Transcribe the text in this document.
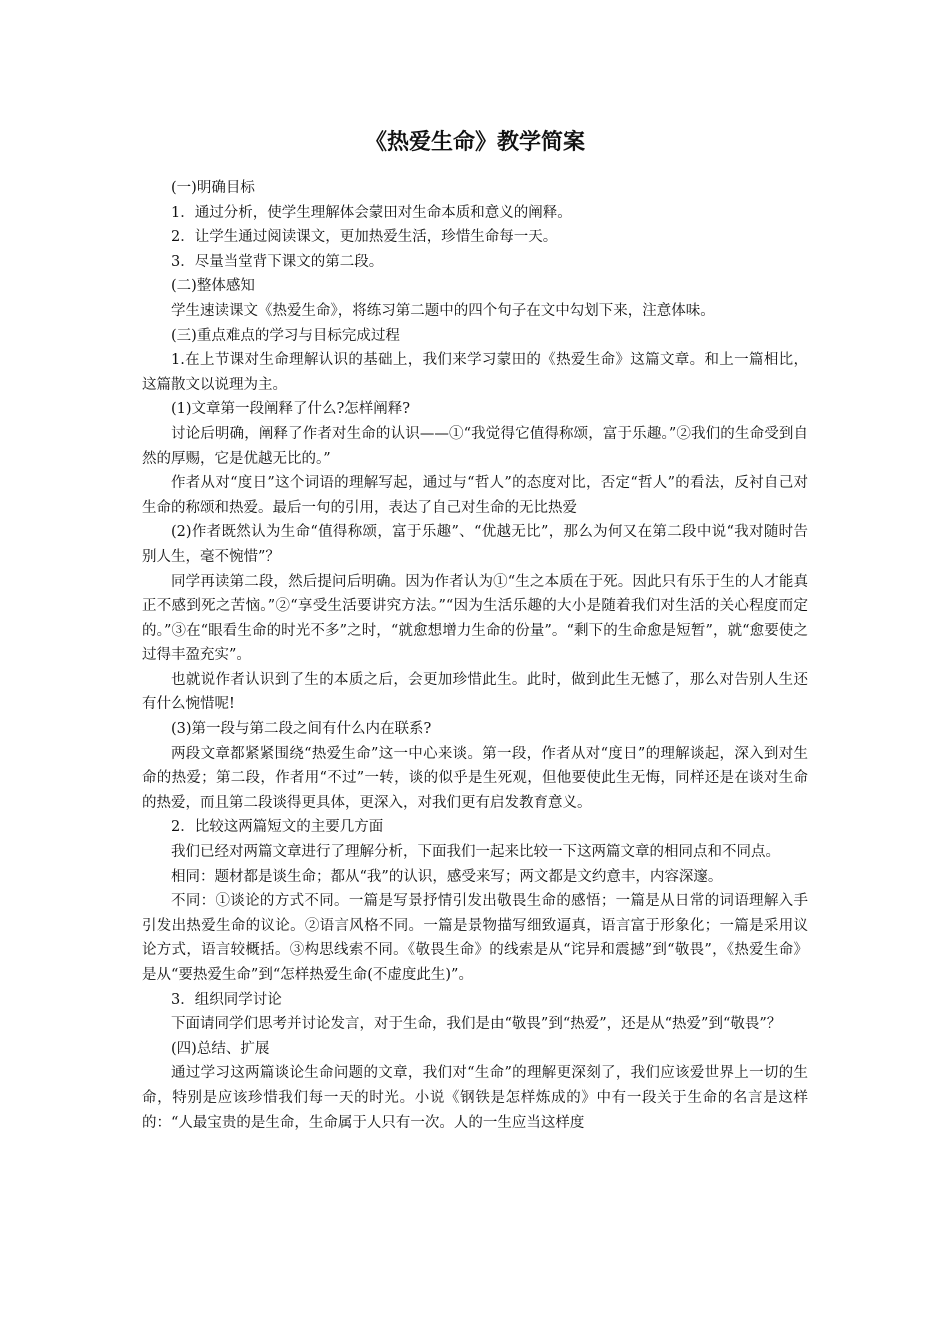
《热爱生命》教学简案

(一)明确目标

1．通过分析，使学生理解体会蒙田对生命本质和意义的阐释。

2．让学生通过阅读课文，更加热爱生活，珍惜生命每一天。

3．尽量当堂背下课文的第二段。

(二)整体感知

学生速读课文《热爱生命》，将练习第二题中的四个句子在文中勾划下来，注意体味。

(三)重点难点的学习与目标完成过程

1.在上节课对生命理解认识的基础上，我们来学习蒙田的《热爱生命》这篇文章。和上一篇相比，这篇散文以说理为主。

(1)文章第一段阐释了什么?怎样阐释?

讨论后明确，阐释了作者对生命的认识——①“我觉得它值得称颂，富于乐趣。”②我们的生命受到自然的厚赐，它是优越无比的。”

作者从对“度日”这个词语的理解写起，通过与“哲人”的态度对比，否定“哲人”的看法，反衬自己对生命的称颂和热爱。最后一句的引用，表达了自己对生命的无比热爱

(2)作者既然认为生命“值得称颂，富于乐趣”、“优越无比”，那么为何又在第二段中说“我对随时告别人生，毫不惋惜”？

同学再读第二段，然后提问后明确。因为作者认为①“生之本质在于死。因此只有乐于生的人才能真正不感到死之苦恼。”②“享受生活要讲究方法。”“因为生活乐趣的大小是随着我们对生活的关心程度而定的。”③在“眼看生命的时光不多”之时，“就愈想增力生命的份量”。“剩下的生命愈是短暂”，就“愈要使之过得丰盈充实”。

也就说作者认识到了生的本质之后，会更加珍惜此生。此时，做到此生无憾了，那么对告别人生还有什么惋惜呢!

(3)第一段与第二段之间有什么内在联系?

两段文章都紧紧围绕“热爱生命”这一中心来谈。第一段，作者从对“度日”的理解谈起，深入到对生命的热爱；第二段，作者用“不过”一转，谈的似乎是生死观，但他要使此生无悔，同样还是在谈对生命的热爱，而且第二段谈得更具体，更深入，对我们更有启发教育意义。

2．比较这两篇短文的主要几方面

我们已经对两篇文章进行了理解分析，下面我们一起来比较一下这两篇文章的相同点和不同点。

相同：题材都是谈生命；都从“我”的认识，感受来写；两文都是文约意丰，内容深邃。

不同：①谈论的方式不同。一篇是写景抒情引发出敬畏生命的感悟；一篇是从日常的词语理解入手引发出热爱生命的议论。②语言风格不同。一篇是景物描写细致逼真，语言富于形象化；一篇是采用议论方式，语言较概括。③构思线索不同。《敬畏生命》的线索是从“诧异和震撼”到“敬畏”，《热爱生命》是从“要热爱生命”到“怎样热爱生命(不虚度此生)”。

3．组织同学讨论

下面请同学们思考并讨论发言，对于生命，我们是由“敬畏”到“热爱”，还是从“热爱”到“敬畏”？

(四)总结、扩展

通过学习这两篇谈论生命问题的文章，我们对“生命”的理解更深刻了，我们应该爱世界上一切的生命，特别是应该珍惜我们每一天的时光。小说《钢铁是怎样炼成的》中有一段关于生命的名言是这样的：“人最宝贵的是生命，生命属于人只有一次。人的一生应当这样度
